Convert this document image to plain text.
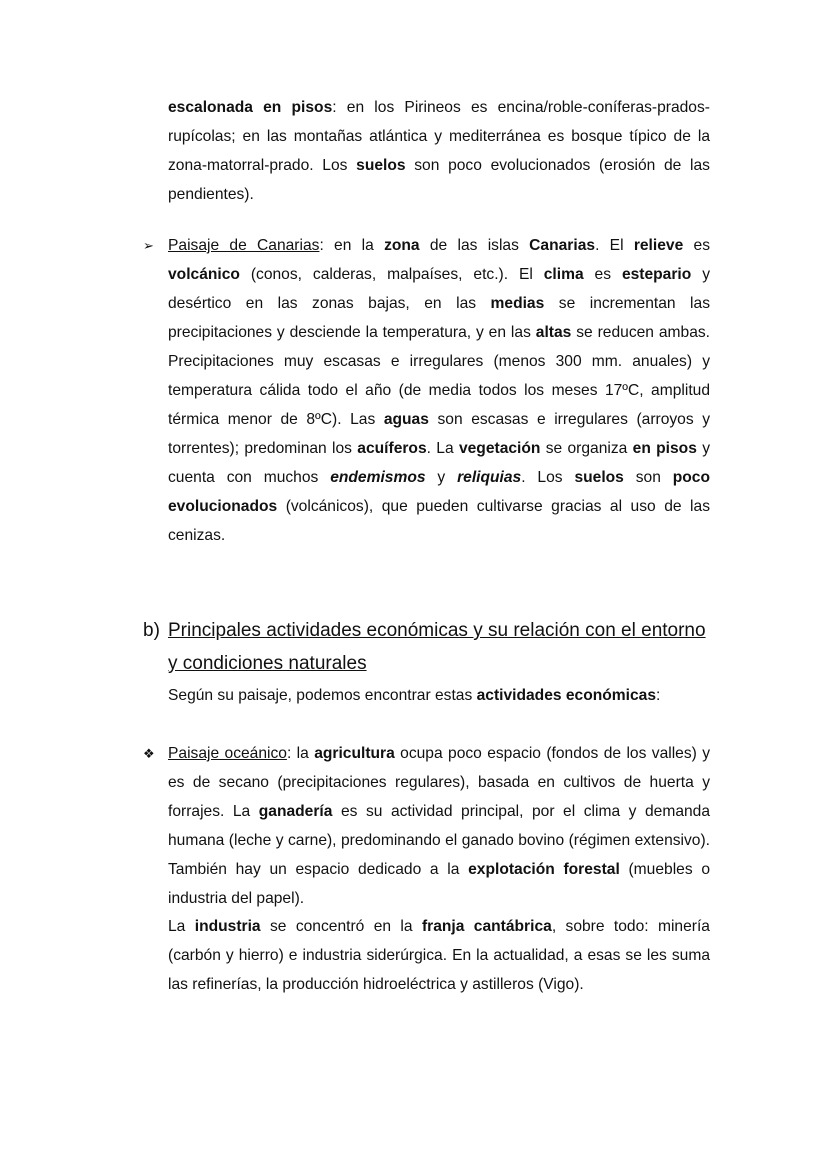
escalonada en pisos: en los Pirineos es encina/roble-coníferas-prados-rupícolas; en las montañas atlántica y mediterránea es bosque típico de la zona-matorral-prado. Los suelos son poco evolucionados (erosión de las pendientes).

➢ Paisaje de Canarias: en la zona de las islas Canarias. El relieve es volcánico (conos, calderas, malpaíses, etc.). El clima es estepario y desértico en las zonas bajas, en las medias se incrementan las precipitaciones y desciende la temperatura, y en las altas se reducen ambas. Precipitaciones muy escasas e irregulares (menos 300 mm. anuales) y temperatura cálida todo el año (de media todos los meses 17ºC, amplitud térmica menor de 8ºC). Las aguas son escasas e irregulares (arroyos y torrentes); predominan los acuíferos. La vegetación se organiza en pisos y cuenta con muchos endemismos y reliquias. Los suelos son poco evolucionados (volcánicos), que pueden cultivarse gracias al uso de las cenizas.

b) Principales actividades económicas y su relación con el entorno y condiciones naturales

Según su paisaje, podemos encontrar estas actividades económicas:

❖ Paisaje oceánico: la agricultura ocupa poco espacio (fondos de los valles) y es de secano (precipitaciones regulares), basada en cultivos de huerta y forrajes. La ganadería es su actividad principal, por el clima y demanda humana (leche y carne), predominando el ganado bovino (régimen extensivo). También hay un espacio dedicado a la explotación forestal (muebles o industria del papel).

La industria se concentró en la franja cantábrica, sobre todo: minería (carbón y hierro) e industria siderúrgica. En la actualidad, a esas se les suma las refinerías, la producción hidroeléctrica y astilleros (Vigo).
